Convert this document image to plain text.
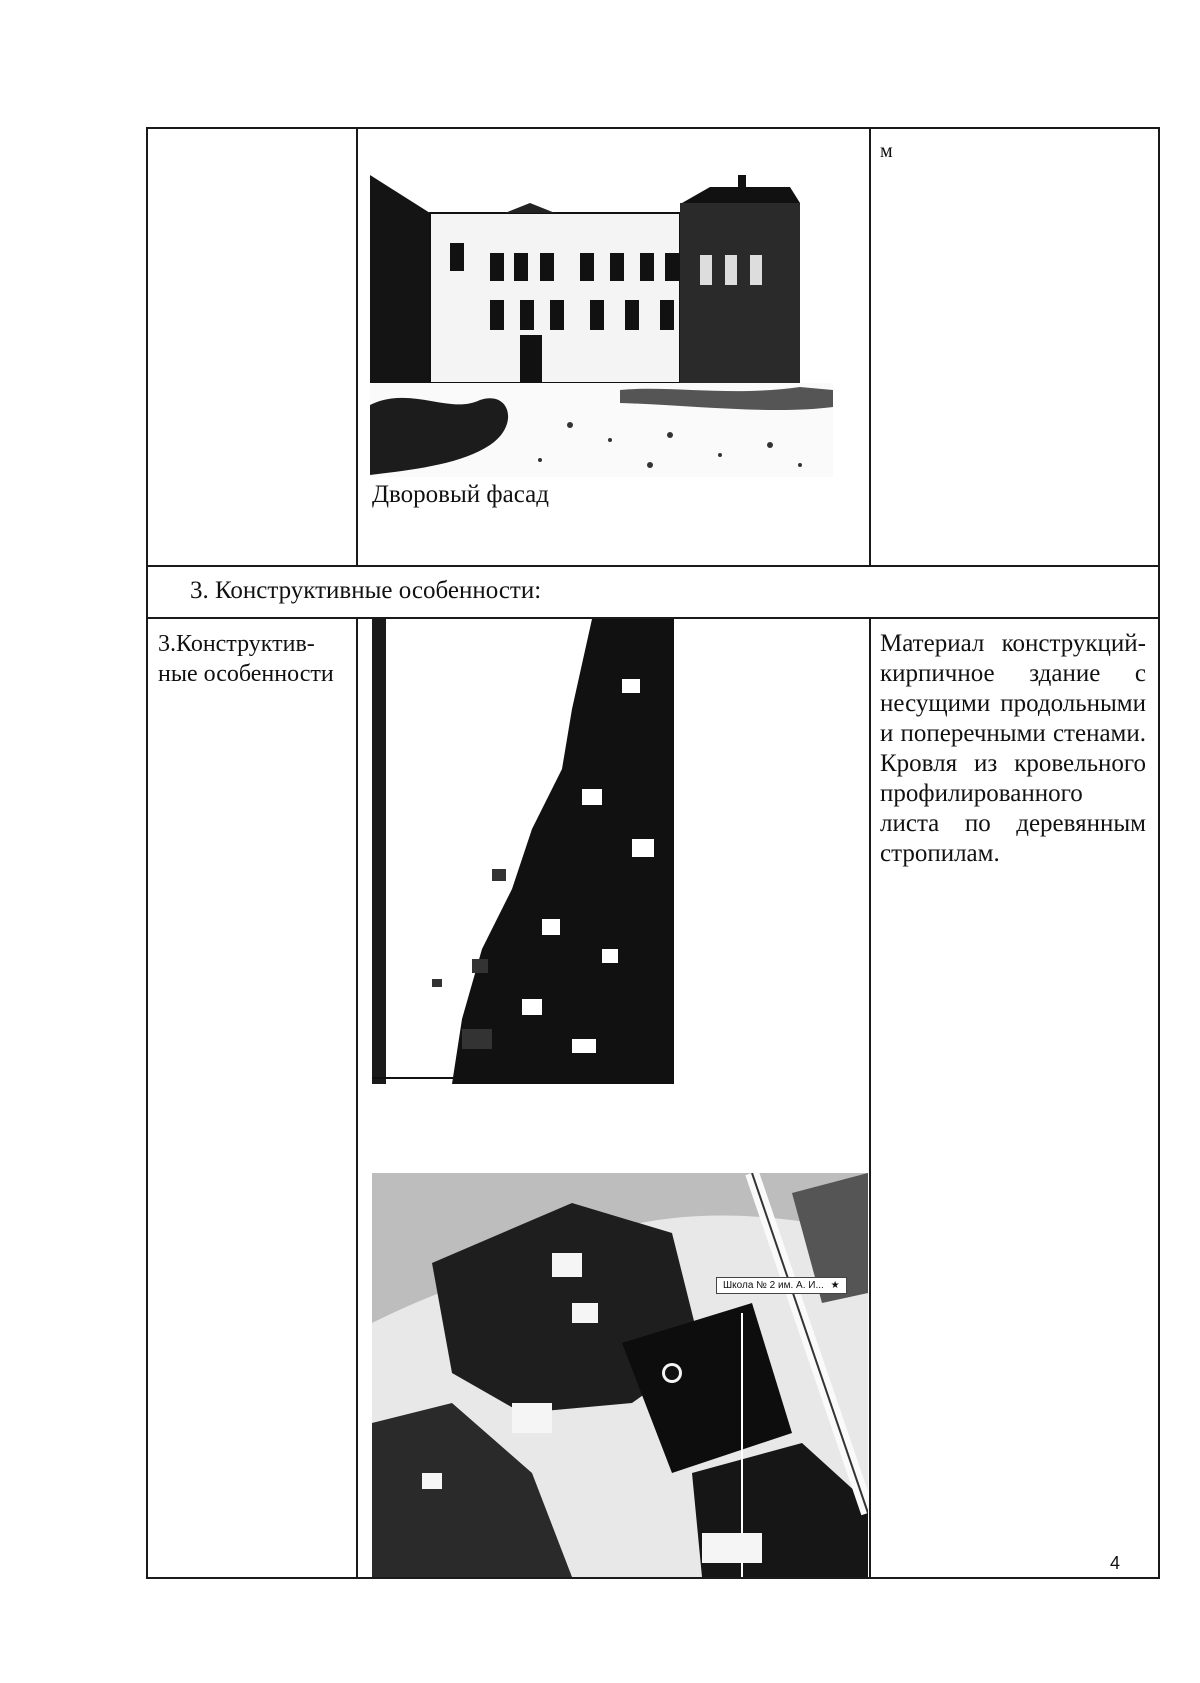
м
Дворовый фасад
3. Конструктивные особенности:
3.Конструктив-ные особенности
Материал конструкций- кирпичное здание с несущими продольными и поперечными стенами. Кровля из кровельного профилированного листа по деревянным стропилам.
Школа № 2 им. А. И... ★
4
